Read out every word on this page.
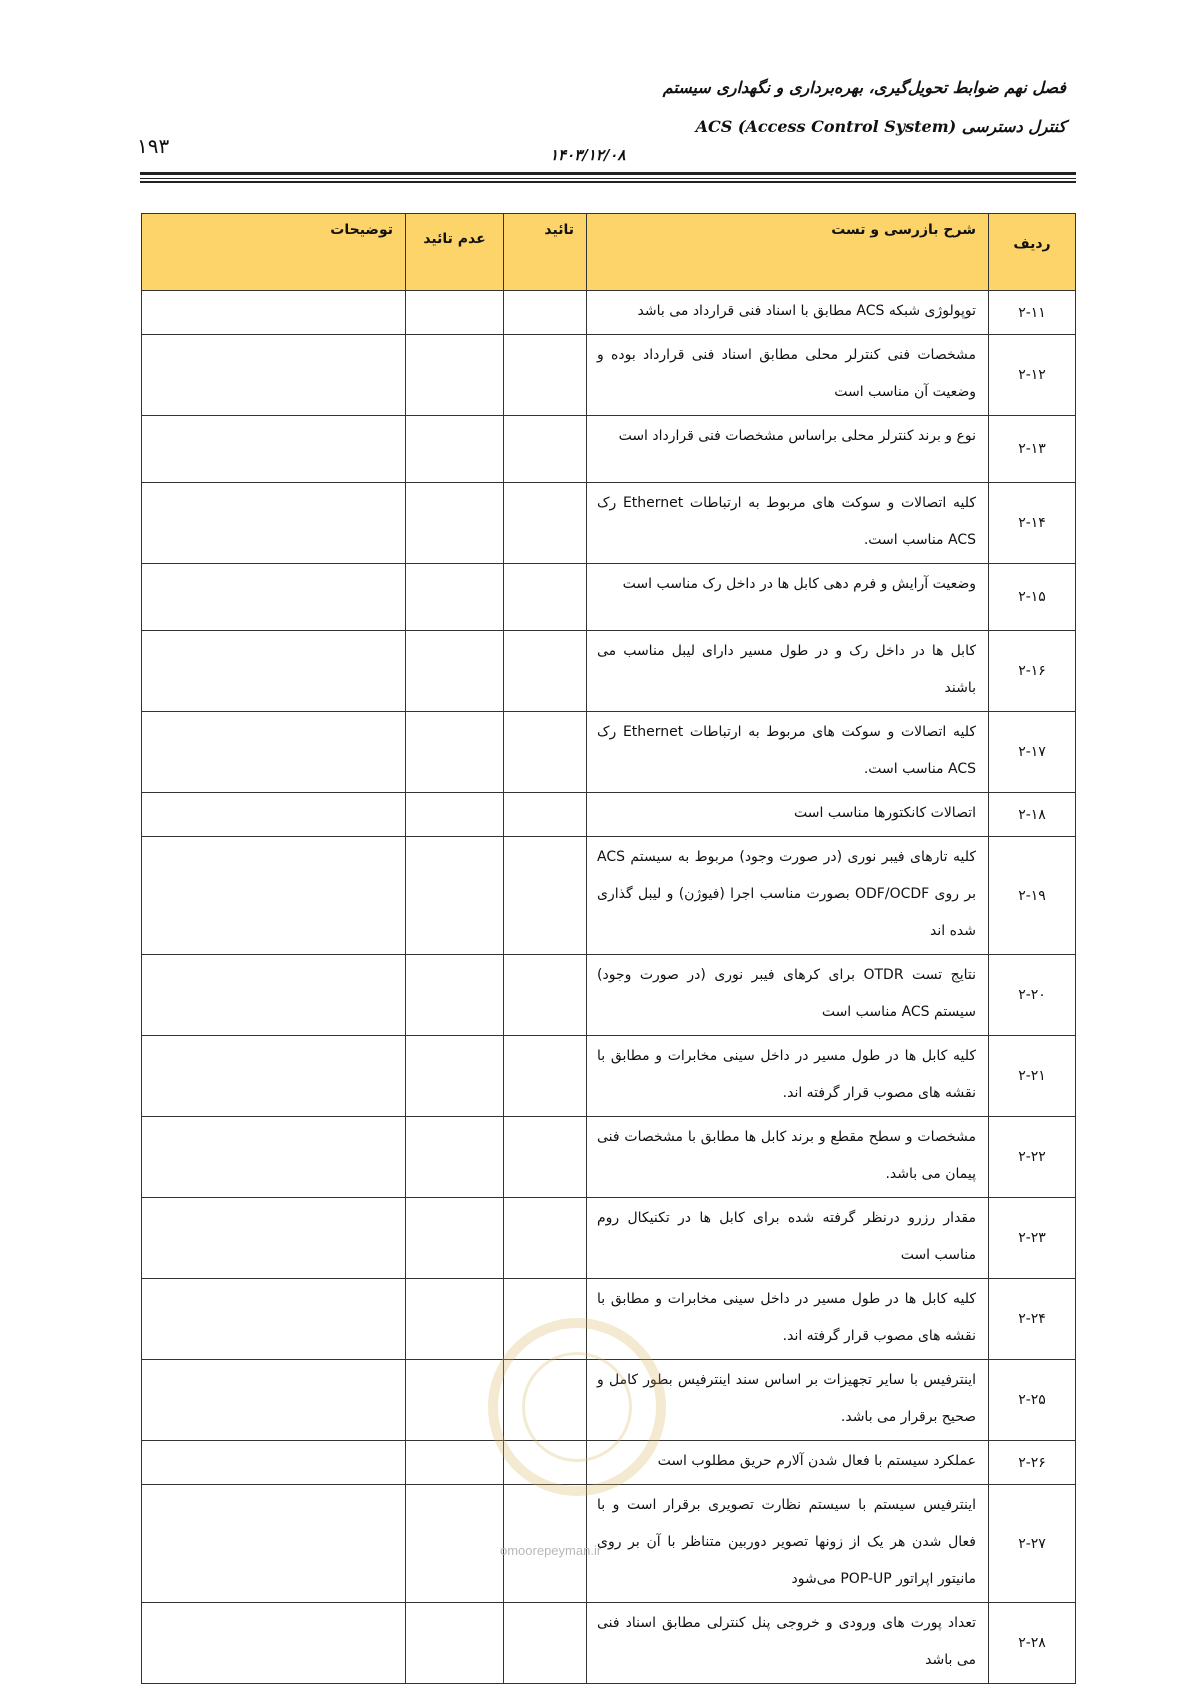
فصل نهم ضوابط تحویل‌گیری، بهره‌برداری و نگهداری سیستم
کنترل دسترسی ACS (Access Control System)
۱۴۰۳/۱۲/۰۸
۱۹۳
ردیف	شرح بازرسی و تست	تائید	عدم تائید	توضیحات

۲-۱۱	توپولوژی شبکه ACS مطابق با اسناد فنی قرارداد می باشد			
۲-۱۲	مشخصات فنی کنترلر محلی مطابق اسناد فنی قرارداد بوده و وضعیت آن مناسب است			
۲-۱۳	نوع و برند کنترلر محلی براساس مشخصات فنی قرارداد است			
۲-۱۴	کلیه اتصالات و سوکت های مربوط به ارتباطات Ethernet رک ACS مناسب است.			
۲-۱۵	وضعیت آرایش و فرم دهی کابل ها در داخل رک مناسب است			
۲-۱۶	کابل ها در داخل رک و در طول مسیر دارای لیبل مناسب می باشند			
۲-۱۷	کلیه اتصالات و سوکت های مربوط به ارتباطات Ethernet رک ACS مناسب است.			
۲-۱۸	اتصالات کانکتورها مناسب است			
۲-۱۹	کلیه تارهای فیبر نوری (در صورت وجود) مربوط به سیستم ACS بر روی ODF/OCDF بصورت مناسب اجرا (فیوژن) و لیبل گذاری شده اند			
۲-۲۰	نتایج تست OTDR برای کرهای فیبر نوری (در صورت وجود) سیستم ACS مناسب است			
۲-۲۱	کلیه کابل ها در طول مسیر در داخل سینی مخابرات و مطابق با نقشه های مصوب قرار گرفته اند.			
۲-۲۲	مشخصات و سطح مقطع و برند کابل ها مطابق با مشخصات فنی پیمان می باشد.			
۲-۲۳	مقدار رزرو درنظر گرفته شده برای کابل ها در تکنیکال روم مناسب است			
۲-۲۴	کلیه کابل ها در طول مسیر در داخل سینی مخابرات و مطابق با نقشه های مصوب قرار گرفته اند.			
۲-۲۵	اینترفیس با سایر تجهیزات بر اساس سند اینترفیس بطور کامل و صحیح برقرار می باشد.			
۲-۲۶	عملکرد سیستم با فعال شدن آلارم حریق مطلوب است			
۲-۲۷	اینترفیس سیستم با سیستم نظارت تصویری برقرار است و با فعال شدن هر یک از زونها تصویر دوربین متناظر با آن بر روی مانیتور اپراتور POP-UP می‌شود			
۲-۲۸	تعداد پورت های ورودی و خروجی پنل کنترلی مطابق اسناد فنی می باشد			
omoorepeyman.ir
